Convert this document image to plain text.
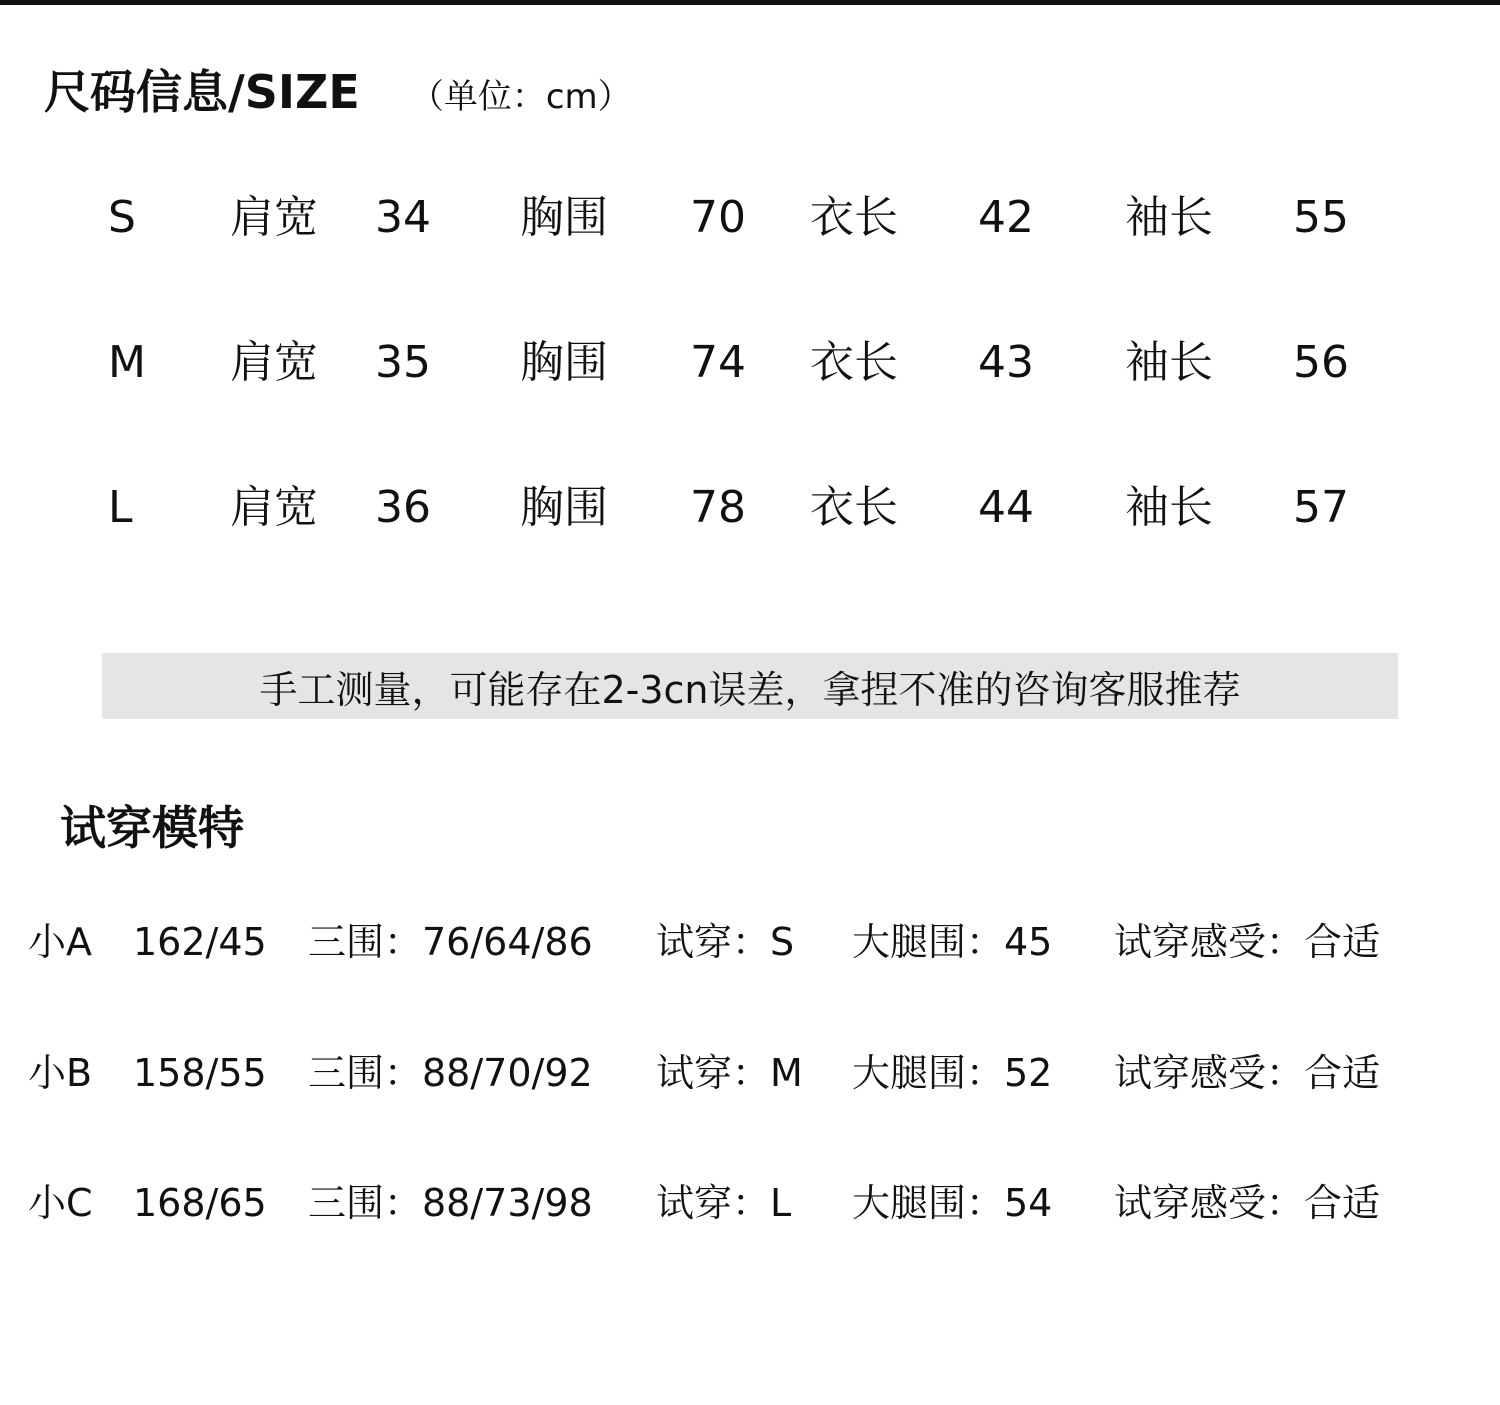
尺码信息/SIZE （单位：cm）
S 肩宽 34 胸围 70 衣长 42 袖长 55
M 肩宽 35 胸围 74 衣长 43 袖长 56
L 肩宽 36 胸围 78 衣长 44 袖长 57
手工测量，可能存在2-3cn误差，拿捏不准的咨询客服推荐
试穿模特
小A 162/45 三围：76/64/86 试穿：S 大腿围：45 试穿感受：合适
小B 158/55 三围：88/70/92 试穿：M 大腿围：52 试穿感受：合适
小C 168/65 三围：88/73/98 试穿：L 大腿围：54 试穿感受：合适
